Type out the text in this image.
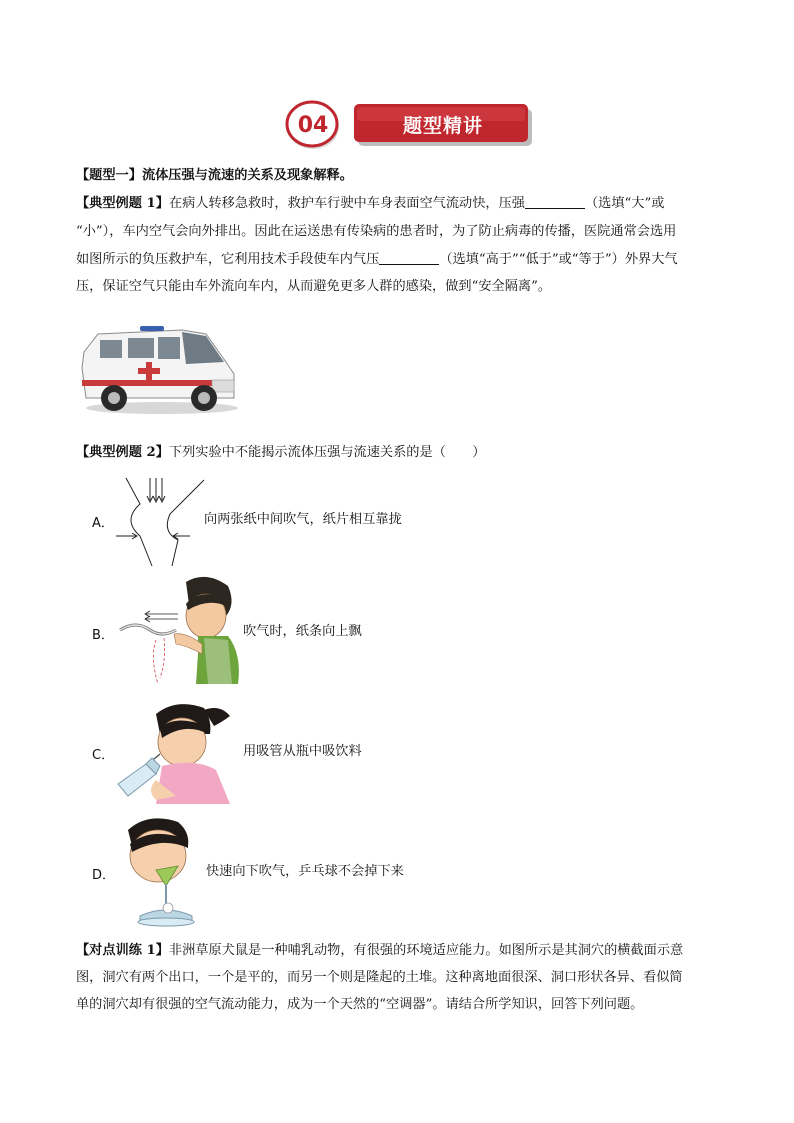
04	题型精讲
【题型一】流体压强与流速的关系及现象解释。
【典型例题 1】在病人转移急救时，救护车行驶中车身表面空气流动快，压强	（选填“大”或
“小”），车内空气会向外排出。因此在运送患有传染病的患者时，为了防止病毒的传播，医院通常会选用
如图所示的负压救护车，它利用技术手段使车内气压	（选填“高于”“低于”或“等于”）外界大气
压，保证空气只能由车外流向车内，从而避免更多人群的感染，做到“安全隔离”。
【典型例题 2】下列实验中不能揭示流体压强与流速关系的是（　　）
A．	向两张纸中间吹气，纸片相互靠拢
B．	吹气时，纸条向上飘
C．	用吸管从瓶中吸饮料
D．	快速向下吹气，乒乓球不会掉下来
【对点训练 1】非洲草原犬鼠是一种哺乳动物，有很强的环境适应能力。如图所示是其洞穴的横截面示意
图，洞穴有两个出口，一个是平的，而另一个则是隆起的土堆。这种离地面很深、洞口形状各异、看似简
单的洞穴却有很强的空气流动能力，成为一个天然的“空调器”。请结合所学知识，回答下列问题。
